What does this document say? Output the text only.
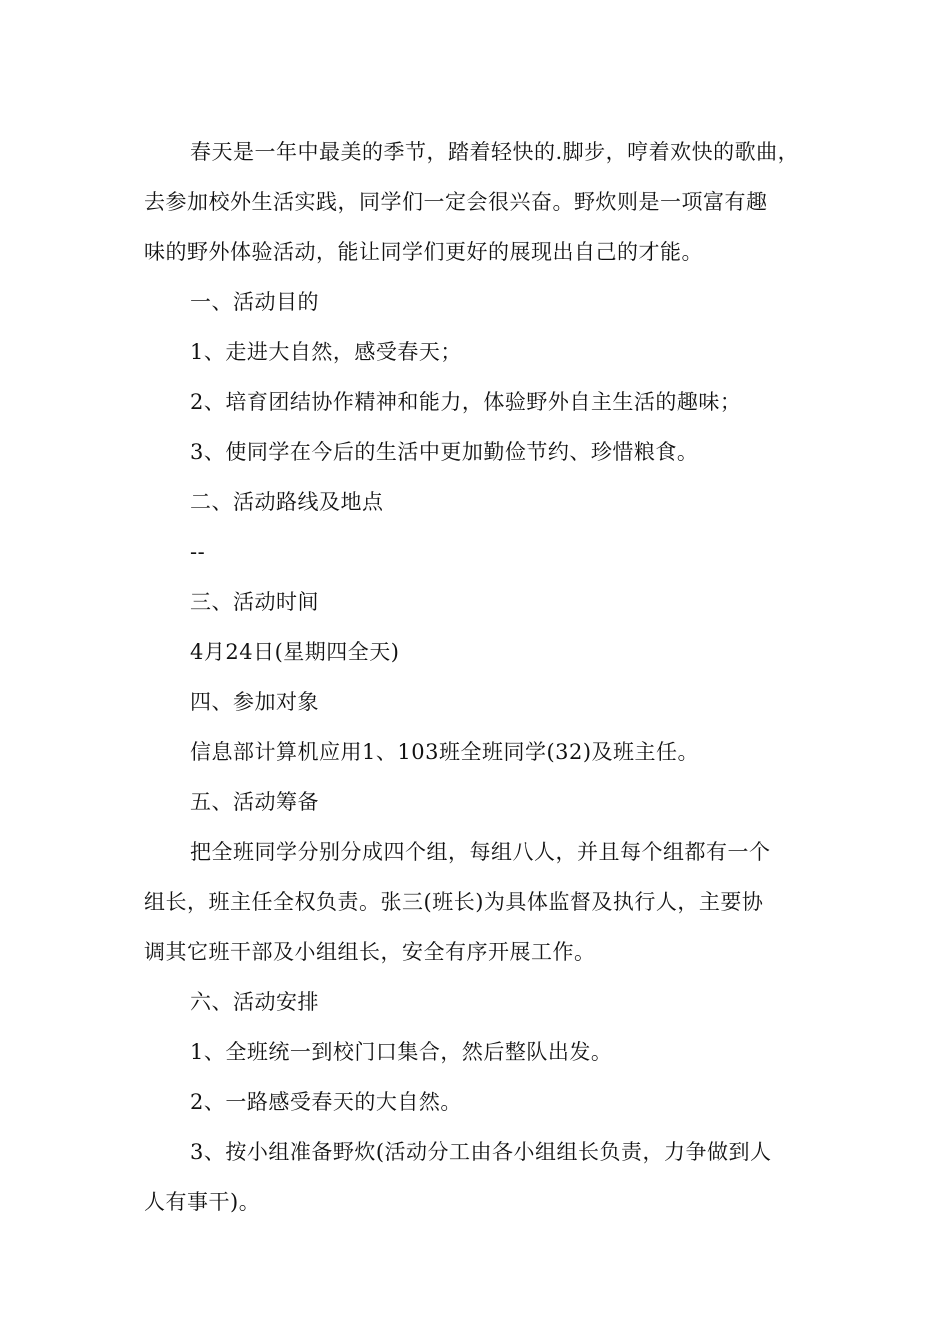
春天是一年中最美的季节，踏着轻快的.脚步，哼着欢快的歌曲，
去参加校外生活实践，同学们一定会很兴奋。野炊则是一项富有趣
味的野外体验活动，能让同学们更好的展现出自己的才能。
一、活动目的
1、走进大自然，感受春天；
2、培育团结协作精神和能力，体验野外自主生活的趣味；
3、使同学在今后的生活中更加勤俭节约、珍惜粮食。
二、活动路线及地点
--
三、活动时间
4月24日(星期四全天)
四、参加对象
信息部计算机应用1、103班全班同学(32)及班主任。
五、活动筹备
把全班同学分别分成四个组，每组八人，并且每个组都有一个
组长，班主任全权负责。张三(班长)为具体监督及执行人，主要协
调其它班干部及小组组长，安全有序开展工作。
六、活动安排
1、全班统一到校门口集合，然后整队出发。
2、一路感受春天的大自然。
3、按小组准备野炊(活动分工由各小组组长负责，力争做到人
人有事干)。
